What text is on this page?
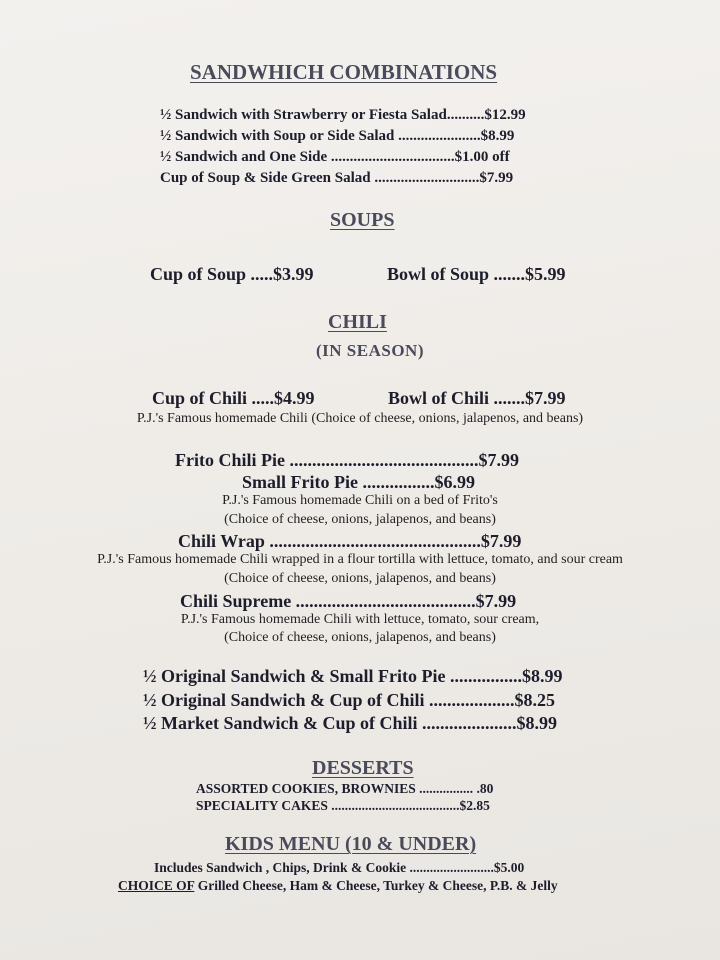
SANDWHICH COMBINATIONS
½ Sandwich with Strawberry or Fiesta Salad..........$12.99
½ Sandwich with Soup or Side Salad ......................$8.99
½ Sandwich and One Side .................................$1.00 off
Cup of Soup & Side Green Salad ............................$7.99
SOUPS
Cup of Soup .....$3.99	Bowl of Soup .......$5.99
CHILI
(IN SEASON)
Cup of Chili .....$4.99	Bowl of Chili .......$7.99
P.J.'s Famous homemade Chili (Choice of cheese, onions, jalapenos, and beans)
Frito Chili Pie ..........................................$7.99
Small Frito Pie ................$6.99
P.J.'s Famous homemade Chili on a bed of Frito's
(Choice of cheese, onions, jalapenos, and beans)
Chili Wrap ...............................................$7.99
P.J.'s Famous homemade Chili wrapped in a flour tortilla with lettuce, tomato, and sour cream
(Choice of cheese, onions, jalapenos, and beans)
Chili Supreme ........................................$7.99
P.J.'s Famous homemade Chili with lettuce, tomato, sour cream,
(Choice of cheese, onions, jalapenos, and beans)
½ Original Sandwich & Small Frito Pie ................$8.99
½ Original Sandwich & Cup of Chili ...................$8.25
½ Market Sandwich & Cup of Chili .....................$8.99
DESSERTS
ASSORTED COOKIES, BROWNIES ................ .80
SPECIALITY CAKES ......................................$2.85
KIDS MENU (10 & UNDER)
Includes Sandwich , Chips, Drink & Cookie .........................$5.00
CHOICE OF Grilled Cheese, Ham & Cheese, Turkey & Cheese, P.B. & Jelly
